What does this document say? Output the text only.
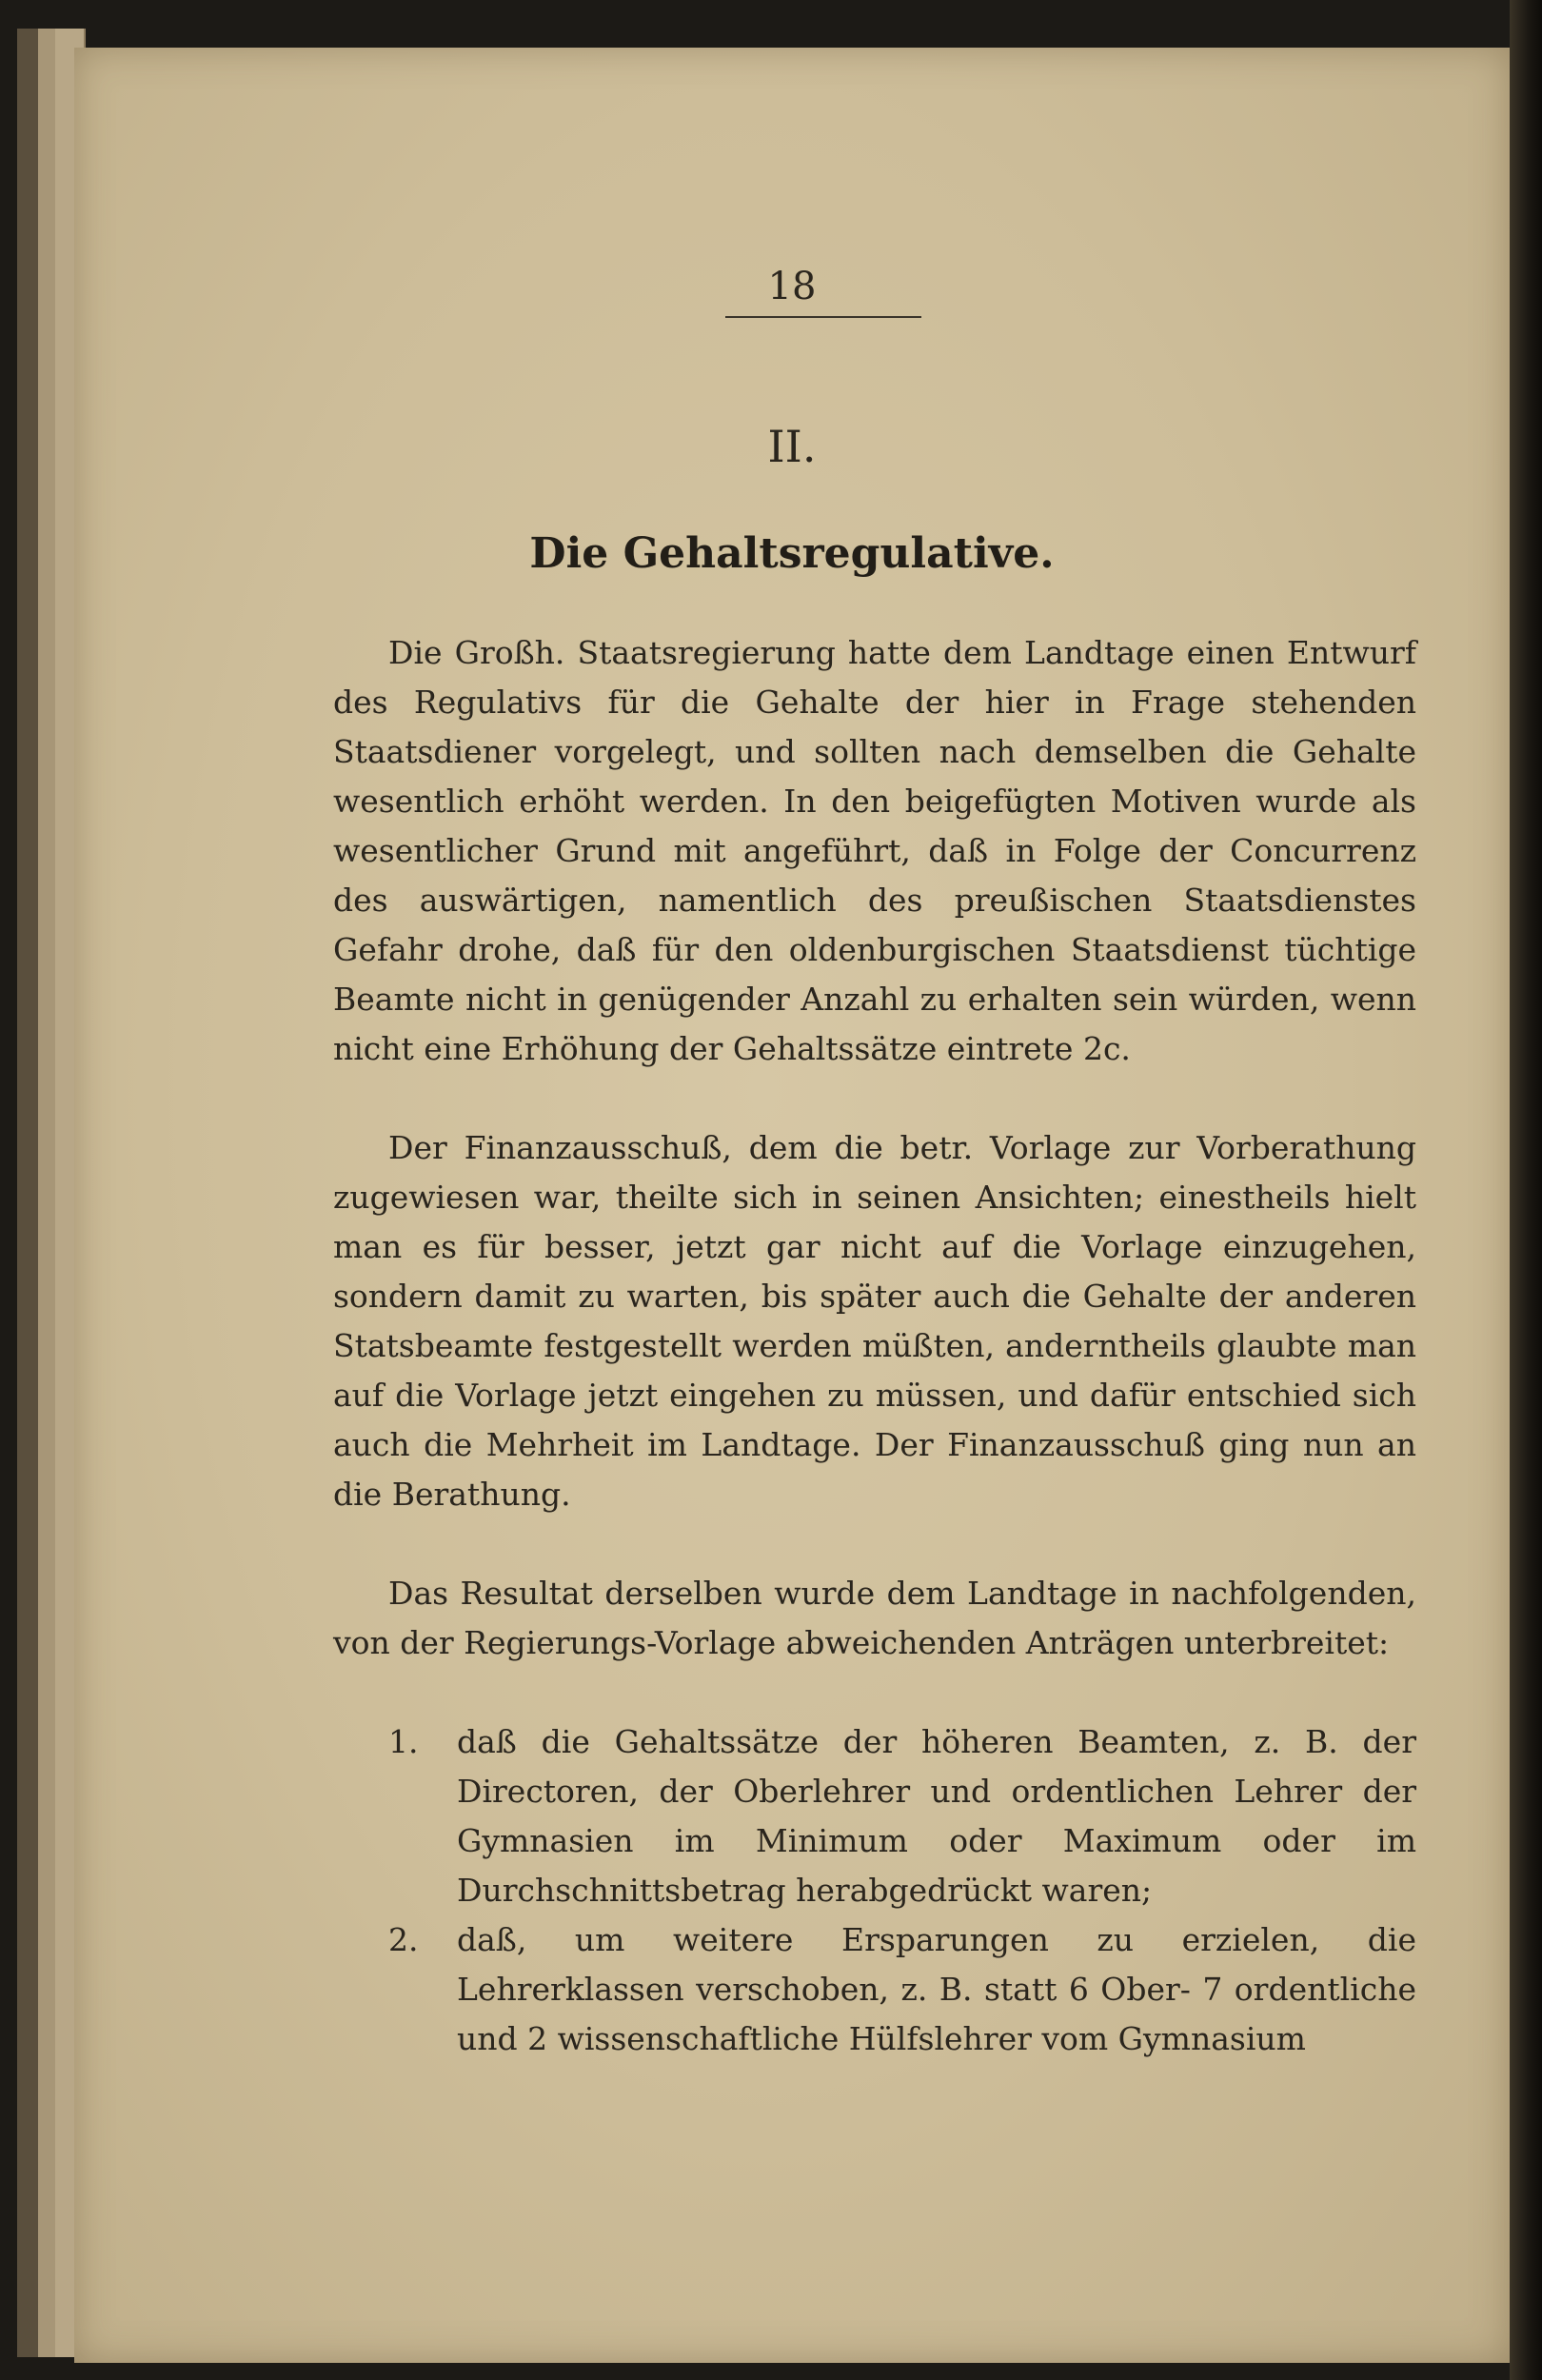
18
II.
Die Gehaltsregulative.

Die Großh. Staatsregierung hatte dem Landtage einen Entwurf des Regulativs für die Gehalte der hier in Frage stehenden Staatsdiener vorgelegt, und sollten nach demselben die Gehalte wesentlich erhöht werden. In den beigefügten Motiven wurde als wesentlicher Grund mit angeführt, daß in Folge der Concurrenz des auswärtigen, namentlich des preußischen Staatsdienstes Gefahr drohe, daß für den oldenburgischen Staatsdienst tüchtige Beamte nicht in genügender Anzahl zu erhalten sein würden, wenn nicht eine Erhöhung der Gehaltssätze eintrete 2c.

Der Finanzausschuß, dem die betr. Vorlage zur Vorberathung zugewiesen war, theilte sich in seinen Ansichten; einestheils hielt man es für besser, jetzt gar nicht auf die Vorlage einzugehen, sondern damit zu warten, bis später auch die Gehalte der anderen Statsbeamte festgestellt werden müßten, anderntheils glaubte man auf die Vorlage jetzt eingehen zu müssen, und dafür entschied sich auch die Mehrheit im Landtage. Der Finanzausschuß ging nun an die Berathung.

Das Resultat derselben wurde dem Landtage in nachfolgenden, von der Regierungs-Vorlage abweichenden Anträgen unterbreitet:

1.	daß die Gehaltssätze der höheren Beamten, z. B. der Directoren, der Oberlehrer und ordentlichen Lehrer der Gymnasien im Minimum oder Maximum oder im Durchschnittsbetrag herabgedrückt waren;
2.	daß, um weitere Ersparungen zu erzielen, die Lehrerklassen verschoben, z. B. statt 6 Ober- 7 ordentliche und 2 wissenschaftliche Hülfslehrer vom Gymnasium
